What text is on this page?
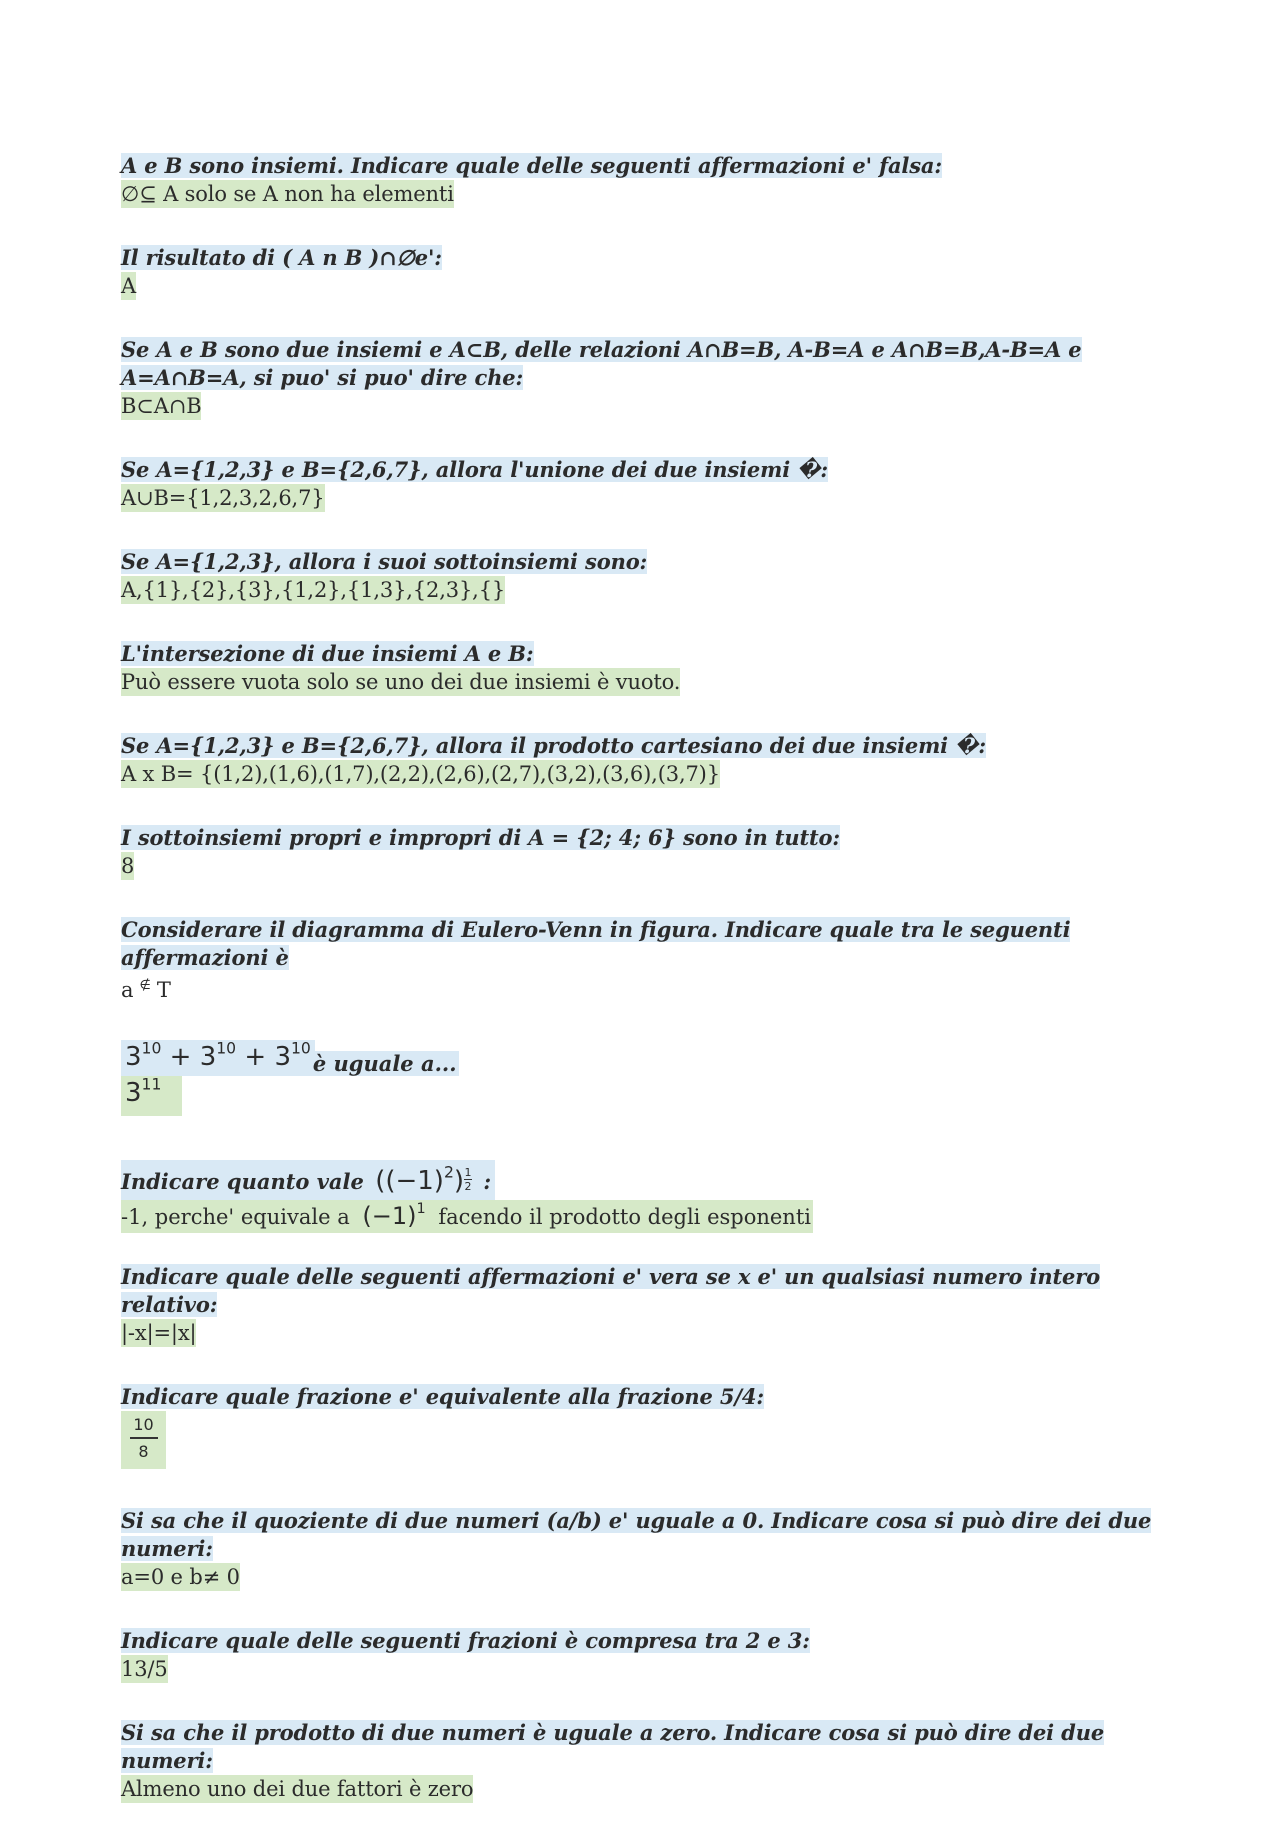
A e B sono insiemi. Indicare quale delle seguenti affermazioni e' falsa:
∅⊆ A solo se A non ha elementi
Il risultato di ( A n B )∩∅e':
A
Se A e B sono due insiemi e A⊂B, delle relazioni A∩B=B, A-B=A e A∩B=B,A-B=A e A=A∩B=A, si puo' si puo' dire che:
B⊂A∩B
Se A={1,2,3} e B={2,6,7}, allora l'unione dei due insiemi �:
A∪B={1,2,3,2,6,7}
Se A={1,2,3}, allora i suoi sottoinsiemi sono:
A,{1},{2},{3},{1,2},{1,3},{2,3},{}
L'intersezione di due insiemi A e B:
Può essere vuota solo se uno dei due insiemi è vuoto.
Se A={1,2,3} e B={2,6,7}, allora il prodotto cartesiano dei due insiemi �:
A x B= {(1,2),(1,6),(1,7),(2,2),(2,6),(2,7),(3,2),(3,6),(3,7)}
I sottoinsiemi propri e impropri di A = {2; 4; 6} sono in tutto:
8
Considerare il diagramma di Eulero-Venn in figura. Indicare quale tra le seguenti affermazioni è
a ∉ T
$3^{10} + 3^{10}$ + $3^{10}è$ uguale a...
$3^{11}$
Indicare quanto vale $((-1)^2) \frac{1}{2}$ :
-1, perche' equivale a $(-1)^1$ facendo il prodotto degli esponenti
Indicare quale delle seguenti affermazioni e' vera se x e' un qualsiasi numero intero relativo:
|-x|=|x|
Indicare quale frazione e' equivalente alla frazione 5/4:
10
8
Si sa che il quoziente di due numeri (a/b) e' uguale a 0. Indicare cosa si può dire dei due numeri:
a=0 e b≠ 0
Indicare quale delle seguenti frazioni è compresa tra 2 e 3:
13/5
Si sa che il prodotto di due numeri è uguale a zero. Indicare cosa si può dire dei due numeri:
Almeno uno dei due fattori è zero
